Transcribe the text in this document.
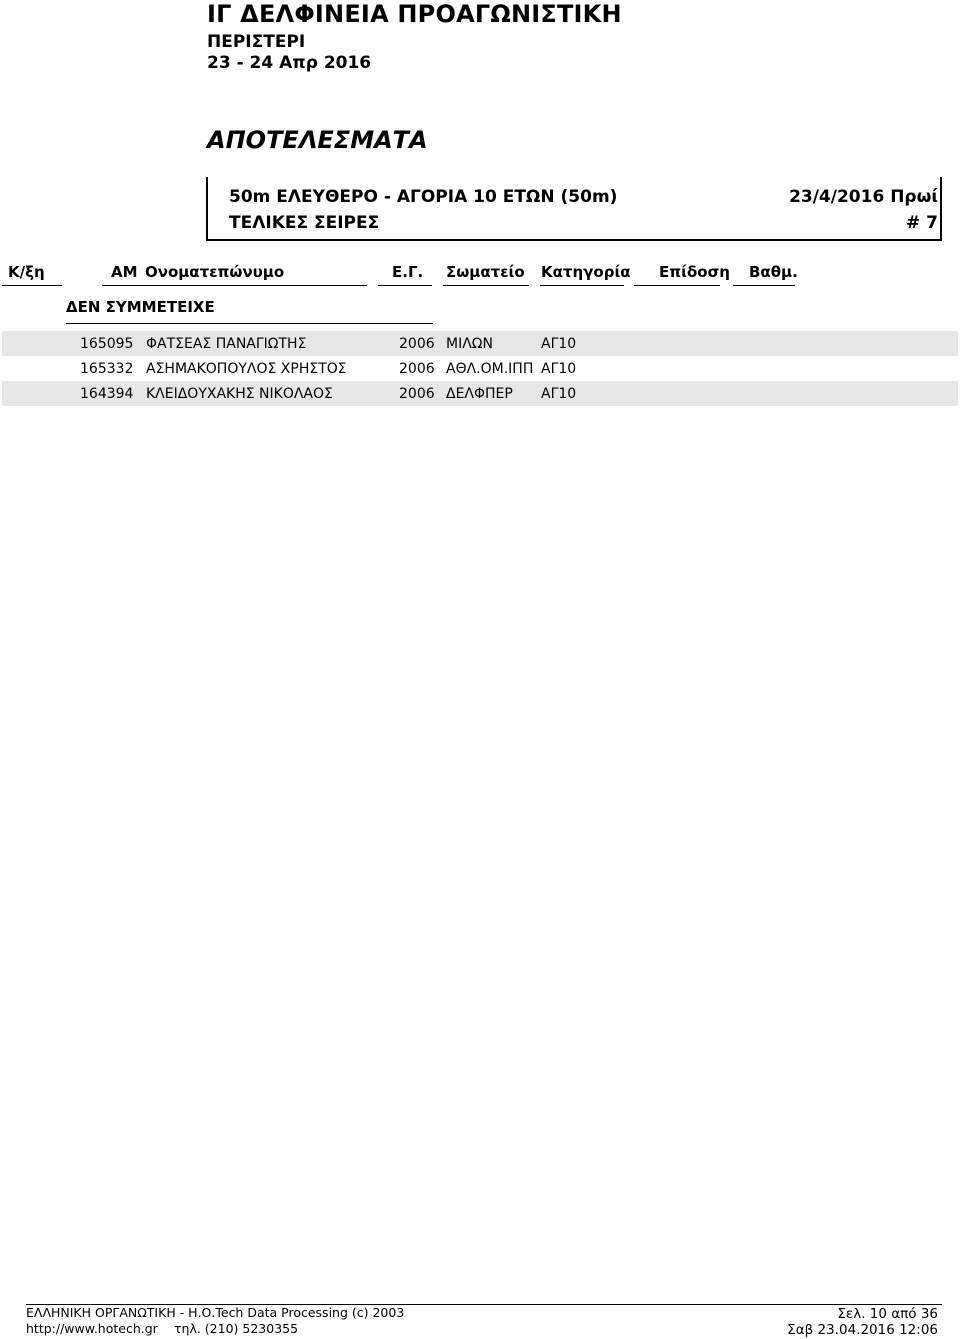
ΙΓ ΔΕΛΦΙΝΕΙΑ ΠΡΟΑΓΩΝΙΣΤΙΚΗ
ΠΕΡΙΣΤΕΡΙ
23 - 24 Απρ 2016
ΑΠΟΤΕΛΕΣΜΑΤΑ
50m ΕΛΕΥΘΕΡΟ - ΑΓΟΡΙΑ 10 ΕΤΩΝ (50m)	23/4/2016 Πρωί
ΤΕΛΙΚΕΣ ΣΕΙΡΕΣ	# 7
Κ/ξη	ΑΜ Ονοματεπώνυμο	Ε.Γ. Σωματείο Κατηγορία Επίδοση Βαθμ.
ΔΕΝ ΣΥΜΜΕΤΕΙΧΕ
165095 ΦΑΤΣΕΑΣ ΠΑΝΑΓΙΩΤΗΣ	2006 ΜΙΛΩΝ	ΑΓ10
165332 ΑΣΗΜΑΚΟΠΟΥΛΟΣ ΧΡΗΣΤΟΣ	2006 ΑΘΛ.ΟΜ.ΙΠΠ ΑΓ10
164394 ΚΛΕΙΔΟΥΧΑΚΗΣ ΝΙΚΟΛΑΟΣ	2006 ΔΕΛΦΠΕΡ ΑΓ10
ΕΛΛΗΝΙΚΗ ΟΡΓΑΝΩΤΙΚΗ - Η.Ο.Tech Data Processing (c) 2003
http://www.hotech.gr τηλ. (210) 5230355
Σελ. 10 από 36
Σαβ 23.04.2016 12:06
